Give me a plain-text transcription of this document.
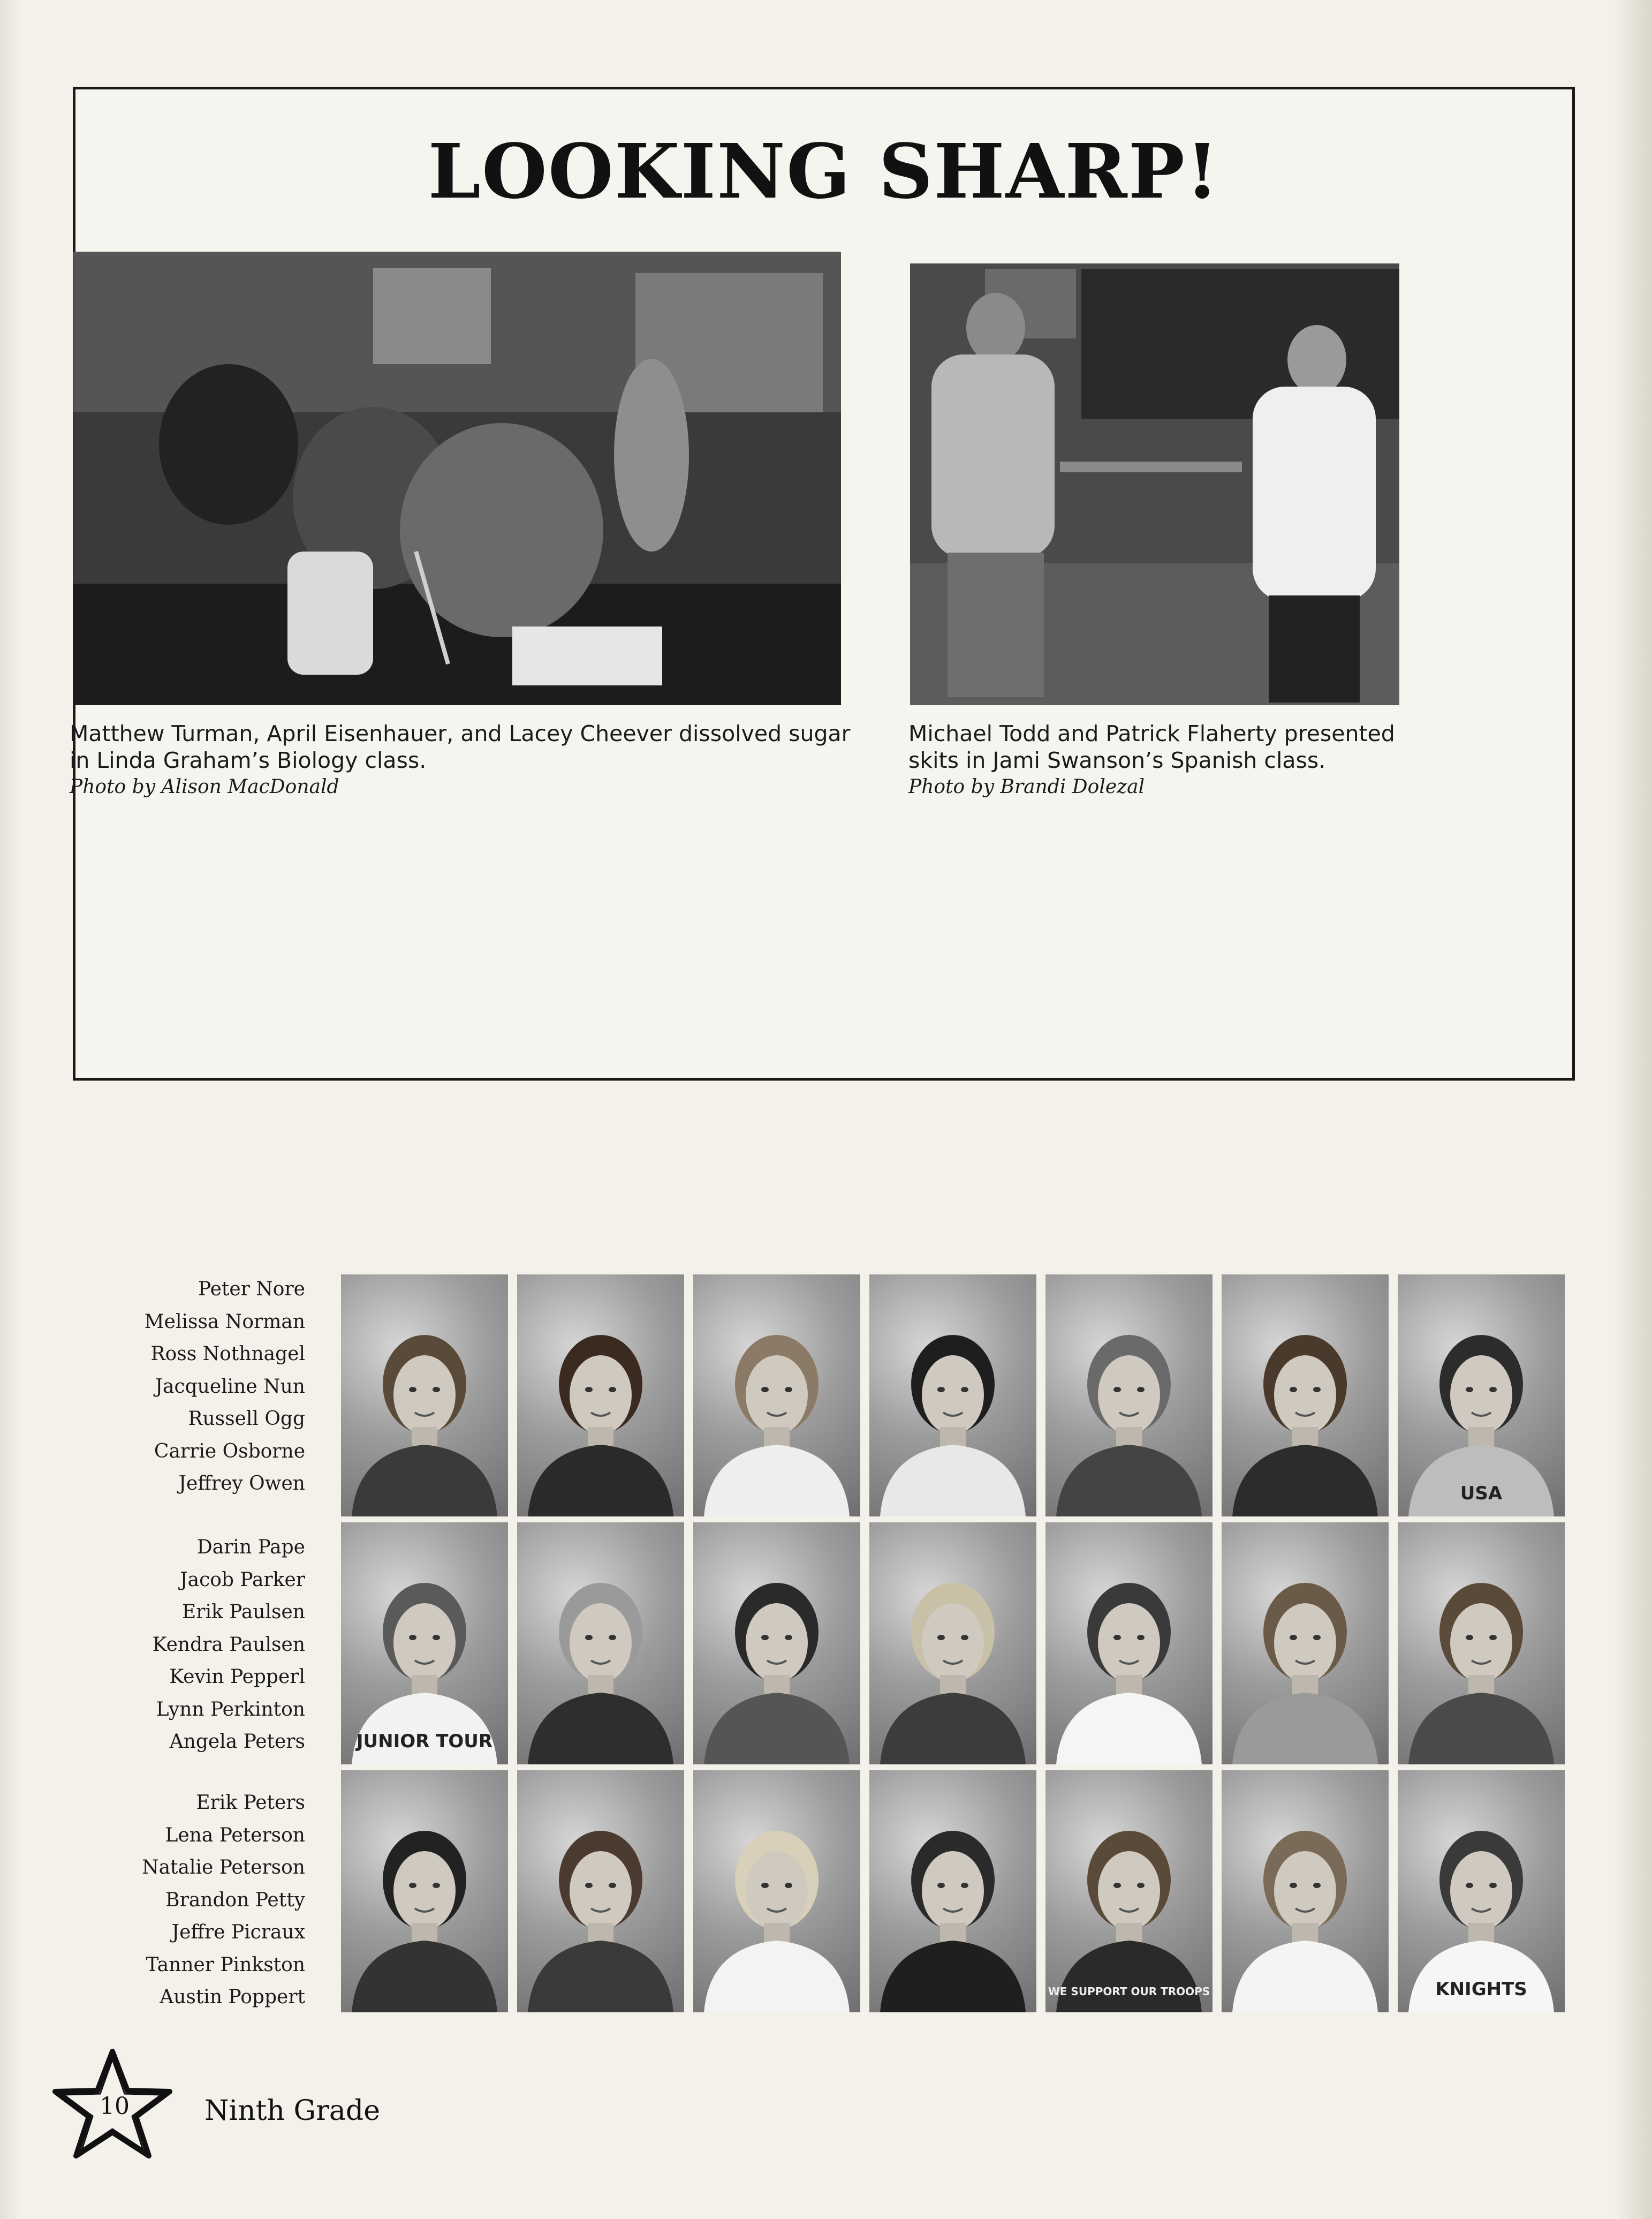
LOOKING SHARP!
Matthew Turman, April Eisenhauer, and Lacey Cheever dissolved sugar in Linda Graham’s Biology class.
Photo by Alison MacDonald
Michael Todd and Patrick Flaherty presented skits in Jami Swanson’s Spanish class.
Photo by Brandi Dolezal
Peter Nore
Melissa Norman
Ross Nothnagel
Jacqueline Nun
Russell Ogg
Carrie Osborne
Jeffrey Owen
Darin Pape
Jacob Parker
Erik Paulsen
Kendra Paulsen
Kevin Pepperl
Lynn Perkinton
Angela Peters
Erik Peters
Lena Peterson
Natalie Peterson
Brandon Petty
Jeffre Picraux
Tanner Pinkston
Austin Poppert
USA
JUNIOR TOUR
WE SUPPORT OUR TROOPS	KNIGHTS
10	Ninth Grade
